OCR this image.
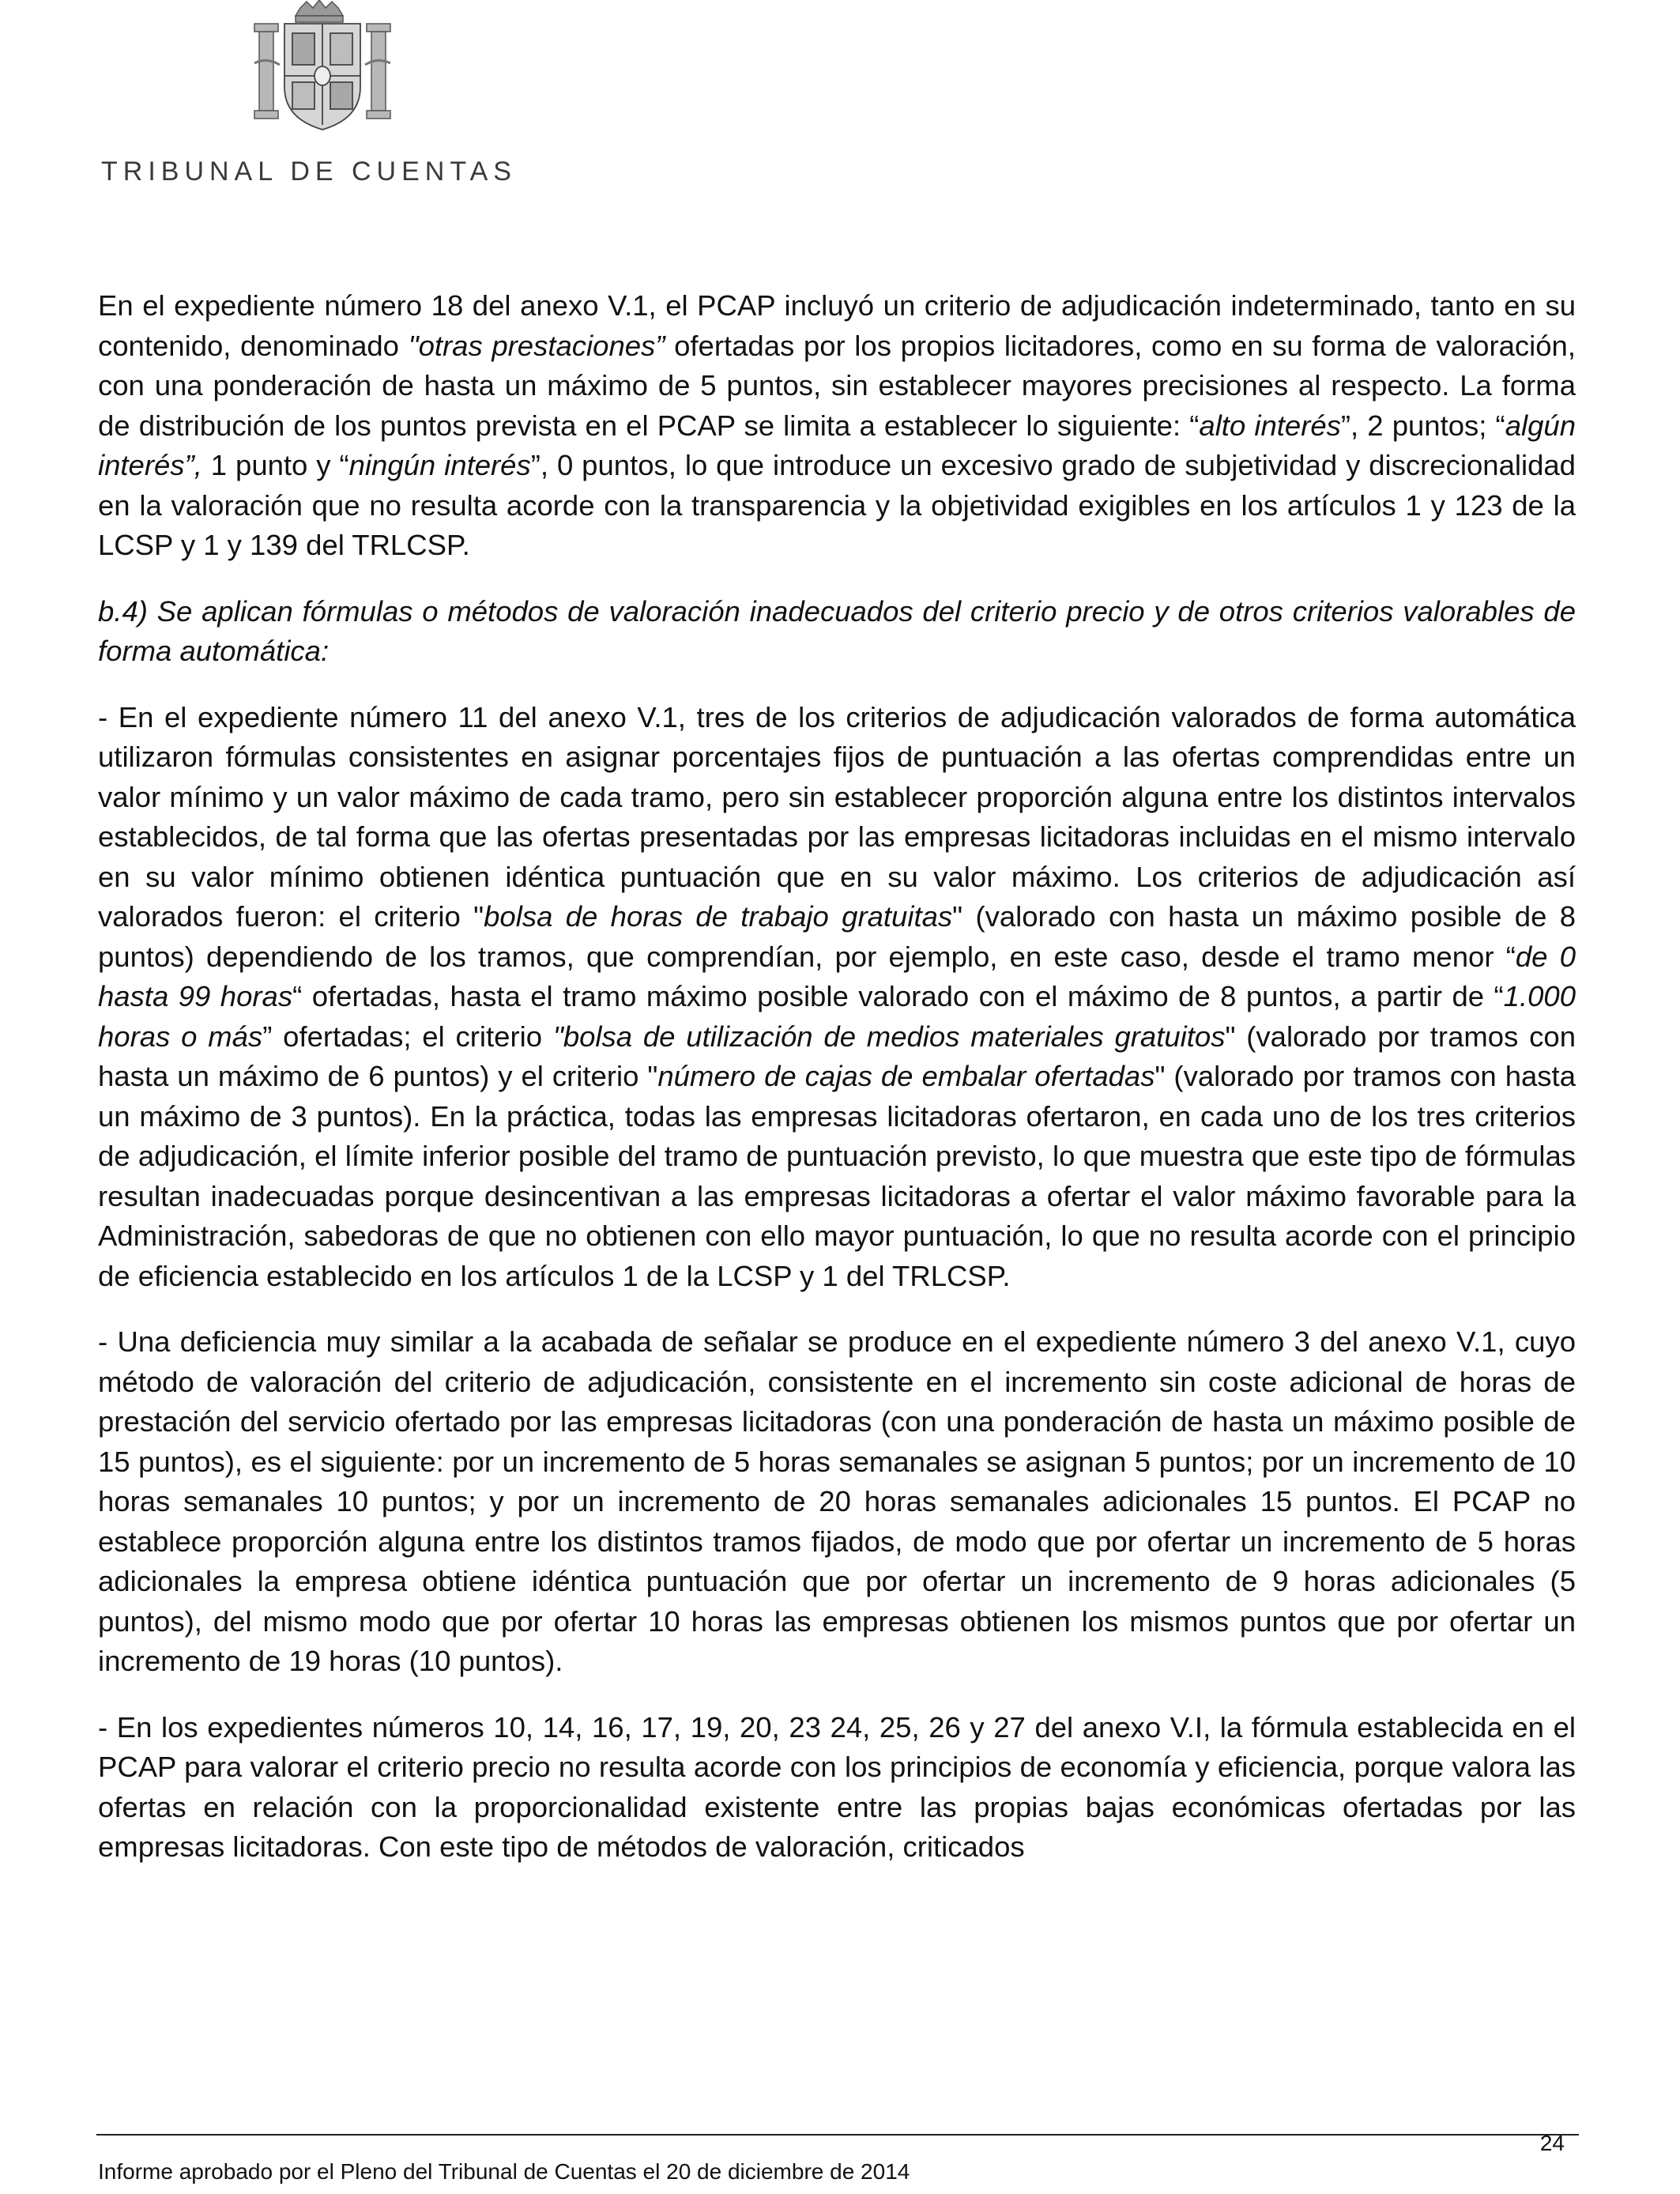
TRIBUNAL DE CUENTAS

En el expediente número 18 del anexo V.1, el PCAP incluyó un criterio de adjudicación indeterminado, tanto en su contenido, denominado "otras prestaciones” ofertadas por los propios licitadores, como en su forma de valoración, con una ponderación de hasta un máximo de 5 puntos, sin establecer mayores precisiones al respecto. La forma de distribución de los puntos prevista en el PCAP se limita a establecer lo siguiente: “alto interés”, 2 puntos; “algún interés”, 1 punto y “ningún interés”, 0 puntos, lo que introduce un excesivo grado de subjetividad y discrecionalidad en la valoración que no resulta acorde con la transparencia y la objetividad exigibles en los artículos 1 y 123 de la LCSP y 1 y 139 del TRLCSP.

b.4) Se aplican fórmulas o métodos de valoración inadecuados del criterio precio y de otros criterios valorables de forma automática:

- En el expediente número 11 del anexo V.1, tres de los criterios de adjudicación valorados de forma automática utilizaron fórmulas consistentes en asignar porcentajes fijos de puntuación a las ofertas comprendidas entre un valor mínimo y un valor máximo de cada tramo, pero sin establecer proporción alguna entre los distintos intervalos establecidos, de tal forma que las ofertas presentadas por las empresas licitadoras incluidas en el mismo intervalo en su valor mínimo obtienen idéntica puntuación que en su valor máximo. Los criterios de adjudicación así valorados fueron: el criterio "bolsa de horas de trabajo gratuitas" (valorado con hasta un máximo posible de 8 puntos) dependiendo de los tramos, que comprendían, por ejemplo, en este caso, desde el tramo menor “de 0 hasta 99 horas“ ofertadas, hasta el tramo máximo posible valorado con el máximo de 8 puntos, a partir de “1.000 horas o más” ofertadas; el criterio "bolsa de utilización de medios materiales gratuitos" (valorado por tramos con hasta un máximo de 6 puntos) y el criterio "número de cajas de embalar ofertadas" (valorado por tramos con hasta un máximo de 3 puntos). En la práctica, todas las empresas licitadoras ofertaron, en cada uno de los tres criterios de adjudicación, el límite inferior posible del tramo de puntuación previsto, lo que muestra que este tipo de fórmulas resultan inadecuadas porque desincentivan a las empresas licitadoras a ofertar el valor máximo favorable para la Administración, sabedoras de que no obtienen con ello mayor puntuación, lo que no resulta acorde con el principio de eficiencia establecido en los artículos 1 de la LCSP y 1 del TRLCSP.

- Una deficiencia muy similar a la acabada de señalar se produce en el expediente número 3 del anexo V.1, cuyo método de valoración del criterio de adjudicación, consistente en el incremento sin coste adicional de horas de prestación del servicio ofertado por las empresas licitadoras (con una ponderación de hasta un máximo posible de 15 puntos), es el siguiente: por un incremento de 5 horas semanales se asignan 5 puntos; por un incremento de 10 horas semanales 10 puntos; y por un incremento de 20 horas semanales adicionales 15 puntos. El PCAP no establece proporción alguna entre los distintos tramos fijados, de modo que por ofertar un incremento de 5 horas adicionales la empresa obtiene idéntica puntuación que por ofertar un incremento de 9 horas adicionales (5 puntos), del mismo modo que por ofertar 10 horas las empresas obtienen los mismos puntos que por ofertar un incremento de 19 horas (10 puntos).

- En los expedientes números 10, 14, 16, 17, 19, 20, 23 24, 25, 26 y 27 del anexo V.I, la fórmula establecida en el PCAP para valorar el criterio precio no resulta acorde con los principios de economía y eficiencia, porque valora las ofertas en relación con la proporcionalidad existente entre las propias bajas económicas ofertadas por las empresas licitadoras. Con este tipo de métodos de valoración, criticados

24
Informe aprobado por el Pleno del Tribunal de Cuentas el 20 de diciembre de 2014
